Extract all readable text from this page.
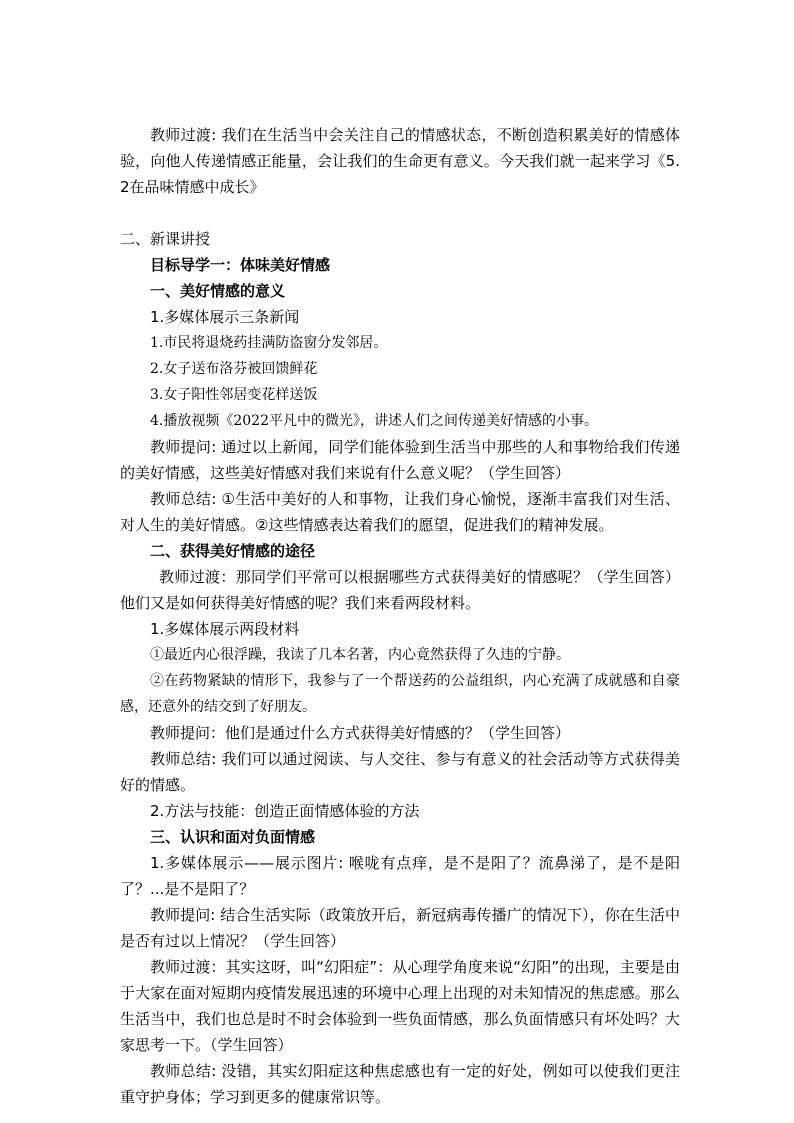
教师过渡: 我们在生活当中会关注自己的情感状态，不断创造积累美好的情感体验，向他人传递情感正能量，会让我们的生命更有意义。今天我们就一起来学习《5.2在品味情感中成长》

二、新课讲授

目标导学一：体味美好情感

一、美好情感的意义

1.多媒体展示三条新闻

1.市民将退烧药挂满防盗窗分发邻居。

2.女子送布洛芬被回馈鲜花

3.女子阳性邻居变花样送饭

4.播放视频《2022平凡中的微光》，讲述人们之间传递美好情感的小事。

教师提问: 通过以上新闻，同学们能体验到生活当中那些的人和事物给我们传递的美好情感，这些美好情感对我们来说有什么意义呢？（学生回答）

教师总结: ①生活中美好的人和事物，让我们身心愉悦，逐渐丰富我们对生活、对人生的美好情感。②这些情感表达着我们的愿望，促进我们的精神发展。

二、获得美好情感的途径

教师过渡：那同学们平常可以根据哪些方式获得美好的情感呢？（学生回答）他们又是如何获得美好情感的呢？我们来看两段材料。

1.多媒体展示两段材料

①最近内心很浮躁，我读了几本名著，内心竟然获得了久违的宁静。

②在药物紧缺的情形下，我参与了一个帮送药的公益组织，内心充满了成就感和自豪感，还意外的结交到了好朋友。

教师提问：他们是通过什么方式获得美好情感的？（学生回答）

教师总结: 我们可以通过阅读、与人交往、参与有意义的社会活动等方式获得美好的情感。

2.方法与技能：创造正面情感体验的方法

三、认识和面对负面情感

1.多媒体展示——展示图片: 喉咙有点痒，是不是阳了？流鼻涕了，是不是阳了？...是不是阳了？

教师提问: 结合生活实际（政策放开后，新冠病毒传播广的情况下），你在生活中是否有过以上情况？（学生回答）

教师过渡：其实这呀，叫“幻阳症”：从心理学角度来说“幻阳”的出现，主要是由于大家在面对短期内疫情发展迅速的环境中心理上出现的对未知情况的焦虑感。那么生活当中，我们也总是时不时会体验到一些负面情感，那么负面情感只有坏处吗？大家思考一下。（学生回答）

教师总结: 没错，其实幻阳症这种焦虑感也有一定的好处，例如可以使我们更注重守护身体；学习到更多的健康常识等。
